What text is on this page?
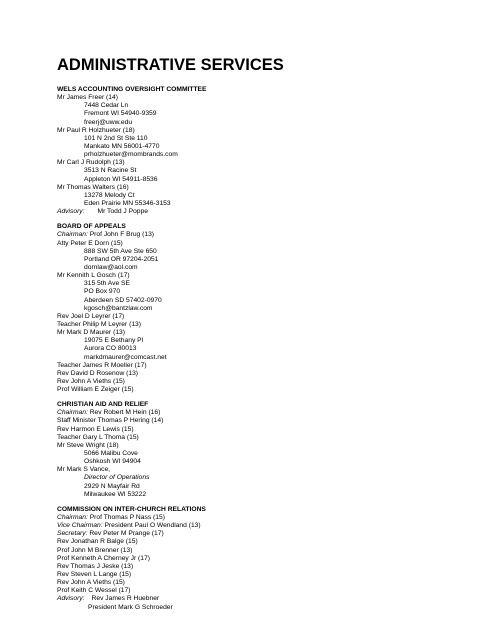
ADMINISTRATIVE SERVICES
WELS ACCOUNTING OVERSIGHT COMMITTEE
Mr James Freer (14)
7448 Cedar Ln
Fremont WI 54940-9359
freerj@uww.edu
Mr Paul R Holzhueter (18)
101 N 2nd St Ste 110
Mankato MN 56001-4770
prholzhueter@mombrands.com
Mr Carl J Rudolph (13)
3513 N Racine St
Appleton WI 54911-8536
Mr Thomas Walters (16)
13278 Melody Ct
Eden Prairie MN 55346-3153
Advisory: Mr Todd J Poppe
BOARD OF APPEALS
Chairman: Prof John F Brug (13)
Atty Peter E Dorn (15)
888 SW 5th Ave Ste 650
Portland OR 97204-2051
dornlaw@aol.com
Mr Kennith L Gosch (17)
315 5th Ave SE
PO Box 970
Aberdeen SD 57402-0970
kgosch@bantzlaw.com
Rev Joel D Leyrer (17)
Teacher Philip M Leyrer (13)
Mr Mark D Maurer (13)
19075 E Bethany Pl
Aurora CO 80013
markdmaurer@comcast.net
Teacher James R Moeller (17)
Rev David D Rosenow (13)
Rev John A Vieths (15)
Prof William E Zeiger (15)
CHRISTIAN AID AND RELIEF
Chairman: Rev Robert M Hein (16)
Staff Minister Thomas P Hering (14)
Rev Harmon E Lewis (15)
Teacher Gary L Thoma (15)
Mr Steve Wright (18)
5066 Malibu Cove
Oshkosh WI 94904
Mr Mark S Vance,
Director of Operations
2929 N Mayfair Rd
Milwaukee WI 53222
COMMISSION ON INTER-CHURCH RELATIONS
Chairman: Prof Thomas P Nass (15)
Vice Chairman: President Paul O Wendland (13)
Secretary: Rev Peter M Prange (17)
Rev Jonathan R Balge (15)
Prof John M Brenner (13)
Prof Kenneth A Cherney Jr (17)
Rev Thomas J Jeske (13)
Rev Steven L Lange (15)
Rev John A Vieths (15)
Prof Keith C Wessel (17)
Advisory: Rev James R Huebner
President Mark G Schroeder
